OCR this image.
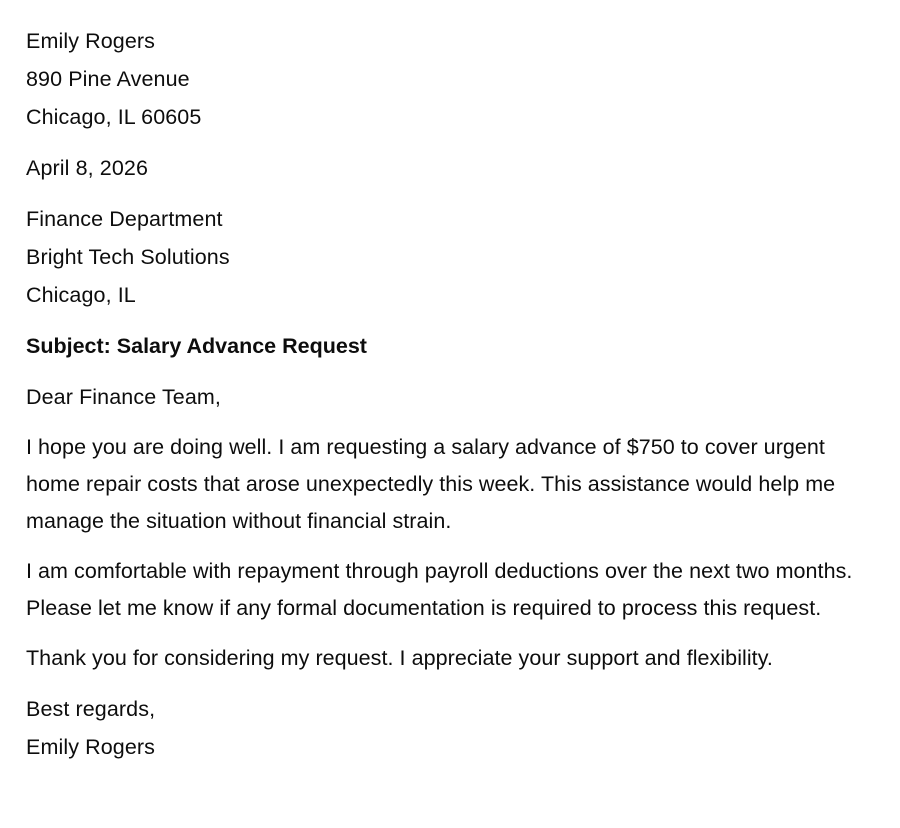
Emily Rogers
890 Pine Avenue
Chicago, IL 60605
April 8, 2026
Finance Department
Bright Tech Solutions
Chicago, IL
Subject: Salary Advance Request
Dear Finance Team,
I hope you are doing well. I am requesting a salary advance of $750 to cover urgent home repair costs that arose unexpectedly this week. This assistance would help me manage the situation without financial strain.
I am comfortable with repayment through payroll deductions over the next two months. Please let me know if any formal documentation is required to process this request.
Thank you for considering my request. I appreciate your support and flexibility.
Best regards,
Emily Rogers
